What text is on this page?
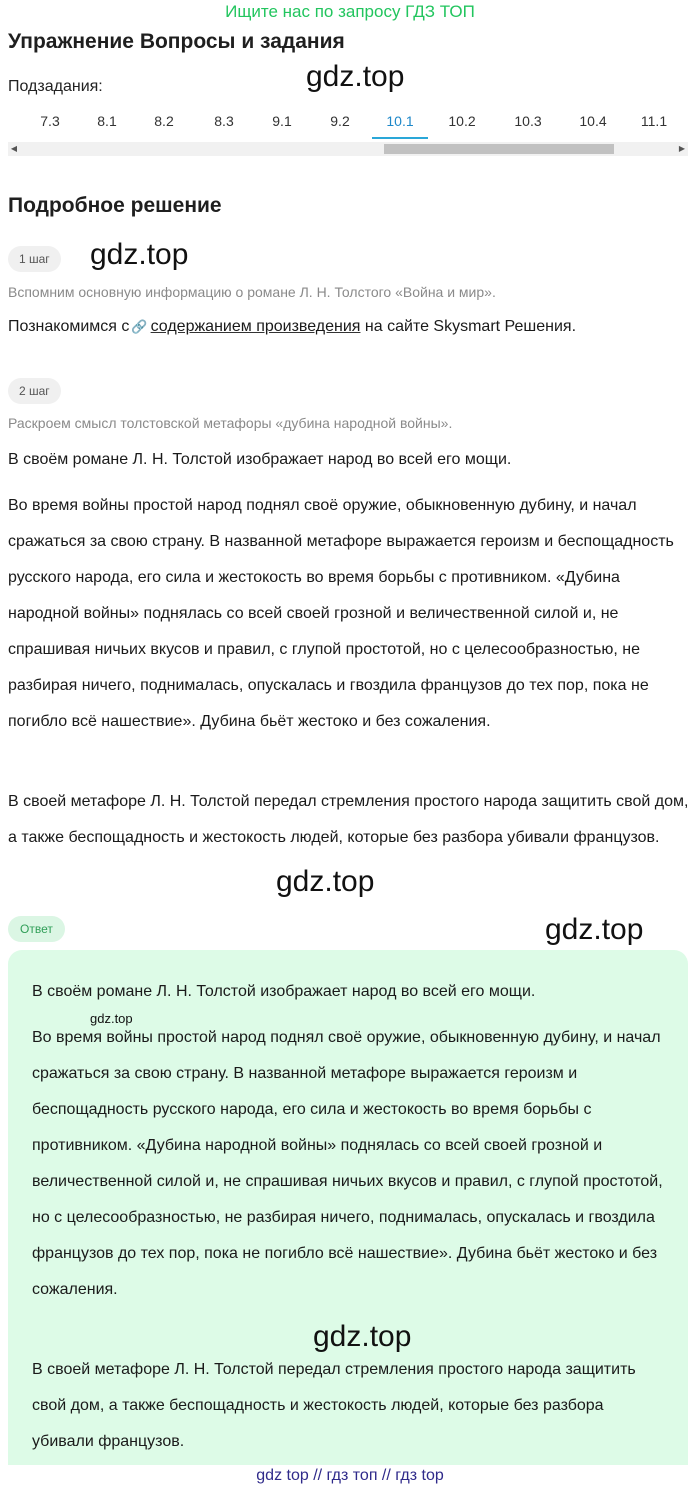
Ищите нас по запросу ГДЗ ТОП
Упражнение Вопросы и задания
Подзадания:	gdz.top
7.3	8.1	8.2	8.3	9.1	9.2	10.1	10.2	10.3	10.4	11.1
◀	▶
Подробное решение
1 шаг	gdz.top
Вспомним основную информацию о романе Л. Н. Толстого «Война и мир».
Познакомимся с 🔗 содержанием произведения на сайте Skysmart Решения.
2 шаг
Раскроем смысл толстовской метафоры «дубина народной войны».
В своём романе Л. Н. Толстой изображает народ во всей его мощи.
Во время войны простой народ поднял своё оружие, обыкновенную дубину, и начал сражаться за свою страну. В названной метафоре выражается героизм и беспощадность русского народа, его сила и жестокость во время борьбы с противником. «Дубина народной войны» поднялась со всей своей грозной и величественной силой и, не спрашивая ничьих вкусов и правил, с глупой простотой, но с целесообразностью, не разбирая ничего, поднималась, опускалась и гвоздила французов до тех пор, пока не погибло всё нашествие». Дубина бьёт жестоко и без сожаления.
В своей метафоре Л. Н. Толстой передал стремления простого народа защитить свой дом, а также беспощадность и жестокость людей, которые без разбора убивали французов.
gdz.top
Ответ	gdz.top
В своём романе Л. Н. Толстой изображает народ во всей его мощи.
gdz.top
Во время войны простой народ поднял своё оружие, обыкновенную дубину, и начал сражаться за свою страну. В названной метафоре выражается героизм и беспощадность русского народа, его сила и жестокость во время борьбы с противником. «Дубина народной войны» поднялась со всей своей грозной и величественной силой и, не спрашивая ничьих вкусов и правил, с глупой простотой, но с целесообразностью, не разбирая ничего, поднималась, опускалась и гвоздила французов до тех пор, пока не погибло всё нашествие». Дубина бьёт жестоко и без сожаления.
gdz.top
В своей метафоре Л. Н. Толстой передал стремления простого народа защитить свой дом, а также беспощадность и жестокость людей, которые без разбора убивали французов.
gdz top // гдз топ // гдз top
